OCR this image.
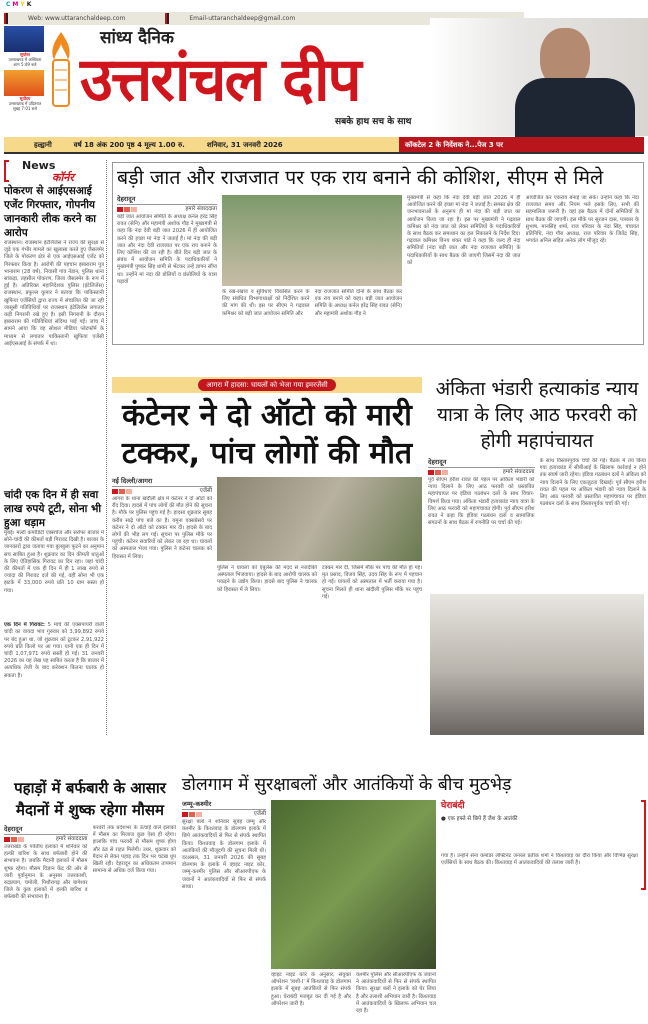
CMYK
Web: www.uttaranchaldeep.com	Email-uttaranchaldeep@gmail.com
सूर्यास्त
उत्तराखण्ड में अस्थिरता
शाम 5:49 बजे
सूर्योदय
उत्तराखण्ड में उदितरात
सुबह 7:01 बजे
सांध्य दैनिक
उत्तरांचल दीप
सबके हाथ सच के साथ
हल्द्वानी	वर्ष 18 अंक 200 पृष्ठ 4 मूल्य 1.00 रु.	शनिवार, 31 जनवरी 2026	कॉकटेल 2 के निर्देशक ने...पेज 3 पर
News
कॉर्नर
पोकरण से आईएसआई एजेंट गिरफ्तार, गोपनीय जानकारी लीक करने का आरोप

राजस्थान। राजस्थान इंटेलिजेंस ने राज्य की सुरक्षा से जुड़े एक गंभीर मामले का खुलासा करते हुए जैसलमेर जिले के पोकरण क्षेत्र से एक आईएसआई एजेंट को गिरफ्तार किया है। आरोपी की पहचान झबराराम पुत्र भानाराम (28 वर्ष), निवासी गांव नेडान, पुलिस थाना सांकड़ा, तहसील पोकरण, जिला जैसलमेर के रूप में हुई है। अतिरिक्त महानिदेशक पुलिस (इंटेलिजेंस) राजस्थान, प्रफुल्ल कुमार ने बताया कि पाकिस्तानी खुफिया एजेंसियों द्वारा राज्य में संचालित की जा रही जासूसी गतिविधियों पर राजस्थान इंटेलिजेंस लगातार कड़ी निगरानी रखे हुए है। इसी निगरानी के दौरान झबराराम की गतिविधियां संदिग्ध पाई गईं। जांच में सामने आया कि वह सोशल मीडिया प्लेटफॉर्म के माध्यम से लगातार पाकिस्तानी खुफिया एजेंसी आईएसआई के संपर्क में था।

चांदी एक दिन में ही सवा लाख रुपये टूटी, सोना भी हुआ धड़ाम

मुंबई। मल्टी कमोडिटी एक्सचेंज और सर्राफा बाजार में सोने-चांदी की कीमतों बड़ी गिरावट दिखी है। बाजार के जानकारों द्वारा जताया गया बुलबुला फूटने का अनुमान सच साबित हुआ है। शुक्रवार का दिन कीमती धातुओं के लिए ऐतिहासिक गिरावट का दिन रहा। जहां चांदी की कीमतों में एक ही दिन में ही 1 लाख रुपये से ज्यादा की गिरावट दर्ज की गई, वहीं सोना भी एक झटके में 33,000 रुपये प्रति 10 ग्राम सस्ता हो गया।

एक दिन में गिरावट: 5 मार्च की एक्सपायरी वाली चांदी का वायदा भाव गुरुवार को 3,99,892 रुपये पर बंद हुआ था, जो शुक्रवार को टूटकर 2,91,922 रुपये प्रति किलो पर आ गया। यानी एक ही दिन में चांदी 1,07,971 रुपये सस्ती हो गई। 31 जनवरी 2026 का यह लेख यह साबित करता है कि बाजार में अत्यधिक तेजी के बाद करेक्शन कितना घातक हो सकता है।

बड़ी जात और राजजात पर एक राय बनाने की कोशिश, सीएम से मिले
देहरादून
हमारे संवाददाता

बड़ी जात आयोजन समिति के अध्यक्ष कर्नल हरेंद्र सिंह रावत (सेनि) और महामंत्री अशोक गौड़ ने मुख्यमंत्री से कहा कि नंदा देवी बड़ी जात 2026 में ही आयोजित करने की इच्छा मां नंदा ने जताई है। मां नंदा की बड़ी जात और नंदा देवी राजजात पर एक राय बनाने के लिए कोशिश की जा रही है। बीते दिन बड़ी जात के संबंध में आयोजन समिति के पदाधिकारियों ने मुख्यमंत्री पुष्कर सिंह धामी से भेंटकर उन्हें ज्ञापन सौंपा था। उन्होंने मां नंदा की डोलियों व छंतोलियों के यात्रा पड़ावों

के रख-रखाव व सुविधाएं विकसित करने के लिए संबंधित विभागाध्यक्षों को निर्देशित करने की मांग की थी। इस पर सीएम ने गढ़वाल कमिश्नर को बड़ी जात आयोजन समिति और

नंदा राजजात समिति दोनों के साथ बैठक कर एक राय बनाने को कहा। बड़ी जात आयोजन समिति के अध्यक्ष कर्नल हरेंद्र सिंह रावत (सेनि) और महामंत्री अशोक गौड़ ने

मुख्यमंत्री से कहा कि नंदा देवी बड़ी जात 2026 में ही आयोजित करने की इच्छा मां नंदा ने जताई है। समस्त क्षेत्र की जनभावनाओं के अनुरूप ही मां नंदा की बड़ी जात का आयोजन किया जा रहा है। इस पर मुख्यमंत्री ने गढ़वाल कमिश्नर को नंदा जात को लेकर समितियों के पदाधिकारियों के साथ बैठक कर समाधान का हल निकालने के निर्देश दिए। गढ़वाल कमिश्नर विनय शंकर पांडे ने कहा कि जल्द ही नंदा समितियों (नंदा बड़ी जात और नंदा राजजात समिति) के पदाधिकारियों के साथ बैठक की जाएगी जिसमें नंदा की जात को

आयोजित कर एकराय बनाई जा सके। उन्होंने कहा कि नंदा राजजात समय और नियम भले इसके लिए, सभी की सहमालिता जरूरी है। वहां इस बैठक में दोनों समितियों के साथ बैठक की जाएगी। इस मौके पर सुरजन दास, पत्रकार के सुभाष, मानसिंह शर्मा, राज परिवार के नंदा सिंह, पंचायत प्रतिनिधि, नंदा गौरा अध्यक्ष, राज परिवार के जितेंद्र सिंह, भगवंत अनिल सहित अनेक लोग मौजूद रहे।

आगरा में हादसा: घायलों को भेजा गया इमरजेंसी
कंटेनर ने दो ऑटो को मारी टक्कर, पांच लोगों की मौत
नई दिल्ली/आगरा
एजेंसी

आगरा के थाना खंदौली क्षेत्र में कंटेनर ने दो ऑटो को रौंद दिया। हादसे में पांच लोगों की मौत होने की सूचना है। मौके पर पुलिस पहुंच गई है। हादसा शुक्रवार सुबह करीब साढ़े पांच बजे का है। यमुना एक्सप्रेसवे पर कंटेनर ने दो ऑटो को टक्कर मार दी। हादसे के बाद लोगों की भीड़ लग गई। सूचना पर पुलिस मौके पर पहुंची। कंटेनर सवारियों को लेकर जा रहा था। घायलों को अस्पताल भेजा गया। पुलिस ने कंटेनर चालक को हिरासत में लिया।

पुलिस ने घायलों को एंबुलेंस की मदद से नजदीकी अस्पताल भिजवाया। हादसे के बाद आरोपी चालक को पकड़ने के उद्योग किया। हादसे बाद पुलिस ने चालक को हिरासत में ले लिया।

टक्कर मार दी, जिसमें मौके पर पांच की मौत हो गई। मृत प्रसाद, विजय सिंह, उदय सिंह के रूप में पहचान हो गई। घायलों को अस्पताल में भर्ती कराया गया है। सूचना मिलते ही थाना खंदौली पुलिस मौके पर पहुंच गई।

अंकिता भंडारी हत्याकांड न्याय यात्रा के लिए आठ फरवरी को होगी महापंचायत
देहरादून
हमारे संवाददाता

पूर्व सीएम हरीश रावत की पहल पर अंकिता भंडारी को न्याय दिलाने के लिए आठ फरवरी को प्रस्तावित महापंचायत पर इंडिया गठबंधन दलों के साथ विचार-विमर्श किया गया। अंकिता भंडारी हत्याकांड न्याय यात्रा के लिए आठ फरवरी को महापंचायत होगी। पूर्व सीएम हरीश रावत ने कहा कि इंडिया गठबंधन दलों व सामाजिक संगठनों के साथ बैठक में रणनीति पर चर्चा की गई।

के साथ विस्तारपूर्वक चर्चा की गई। बैठक में तय किया गया हत्याकांड में सीबीआई के खिलाफ कार्रवाई न होने तक संघर्ष जारी रहेगा। इंडिया गठबंधन दलों ने अंकिता को न्याय दिलाने के लिए एकजुटता दिखाई। पूर्व सीएम हरीश रावत की पहल पर अंकिता भंडारी को न्याय दिलाने के लिए आठ फरवरी को प्रस्तावित महापंचायत पर इंडिया गठबंधन दलों के साथ विस्तारपूर्वक चर्चा की गई।

पहाड़ों में बर्फबारी के आसार मैदानों में शुष्क रहेगा मौसम
देहरादून
हमारे संवाददाता

उत्तराखंड के पर्वतीय इलाकों में शनिवार को हल्की बारिश के साथ बर्फबारी होने की संभावना है। जबकि मैदानी इलाकों में मौसम शुष्क रहेगा। मौसम विज्ञान केंद्र की ओर से जारी पूर्वानुमान के अनुसार उत्तरकाशी, रुद्रप्रयाग, चमोली, पिथौरागढ़ और बागेश्वर जिले के कुछ इलाकों में हल्की बारिश व बर्फबारी की संभावना है।

फरवरी तक प्रदेशभर के ऊंचाई वाले इलाकों में मौसम का मिजाज कुछ ऐसा ही रहेगा। हालांकि पांच फरवरी से मौसम शुष्क होगा और ठंड से राहत मिलेगी। उधर, शुक्रवार को मैदान से लेकर पहाड़ तक दिन भर चटख धूप खिली रही। देहरादून का अधिकतम तापमान सामान्य से अधिक दर्ज किया गया।

डोलगाम में सुरक्षाबलों और आतंकियों के बीच मुठभेड़
जम्मू-कश्मीर
एजेंसी

सुरक्षा बलों ने शनिवार सुबह जम्मू और कश्मीर के किश्तवाड़ के डोलगाम इलाके में छिपे आतंकवादियों से फिर से संपर्क स्थापित किया। किश्तवाड़ के डोलगाम इलाके में आतंकियों की मौजूदगी की सूचना मिली थी। दरअसल, 31 जनवरी 2026 की सुबह डोलगाम के इलाके में व्हाइट नाइट कोर, जम्मू-कश्मीर पुलिस और सीआरपीएफ के जवानों ने आतंकवादियों से फिर से संपर्क साधा।

व्हाइट नाइट कोर के अनुसार, संयुक्त ऑपरेशन 'त्राशी-I' में किश्तवाड़ के डोलगाम इलाके में सुबह आतंकियों से फिर संपर्क हुआ। घेराबंदी मजबूत कर दी गई है और ऑपरेशन जारी है।

कश्मीर पुलिस और सीआरपीएफ के जवानों ने आतंकवादियों से फिर से संपर्क स्थापित किया। सुरक्षा बलों ने इलाके को घेर लिया है और तलाशी अभियान जारी है। किश्तवाड़ में आतंकवादियों के खिलाफ अभियान चल रहा है।

घेराबंदी
● एक हफ्ते से छिपे हैं जैश के आतंकी

गया है। उन्होंने सेना कमांडर लेफ्टिनेंट जनरल प्रतीक शर्मा ने किश्तवाड़ का दौरा किया और विभिन्न सुरक्षा एजेंसियों के साथ बैठक की। किश्तवाड़ में आतंकवादियों की तलाश जारी है।
